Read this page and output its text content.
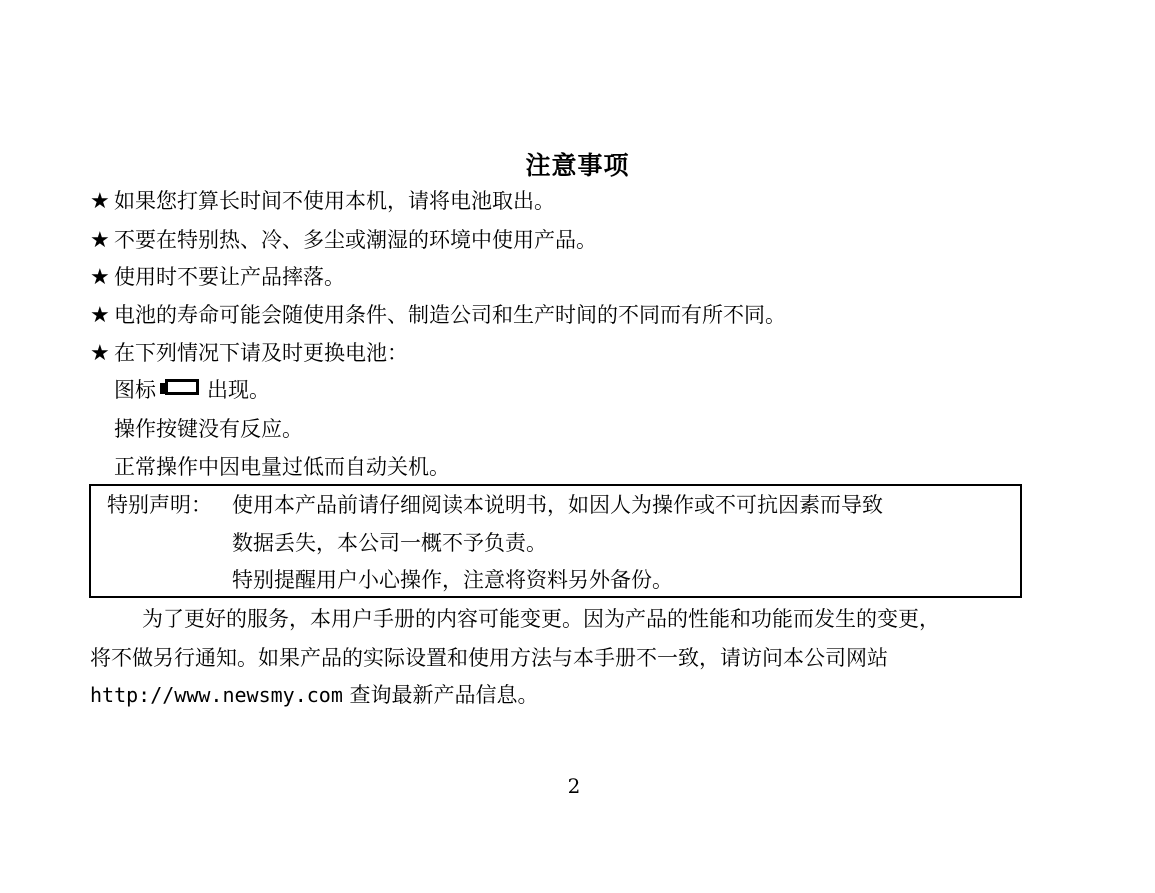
注意事项
★ 如果您打算长时间不使用本机，请将电池取出。
★ 不要在特别热、冷、多尘或潮湿的环境中使用产品。
★ 使用时不要让产品摔落。
★ 电池的寿命可能会随使用条件、制造公司和生产时间的不同而有所不同。
★ 在下列情况下请及时更换电池：
图标 出现。
操作按键没有反应。
正常操作中因电量过低而自动关机。
特别声明： 使用本产品前请仔细阅读本说明书，如因人为操作或不可抗因素而导致
数据丢失，本公司一概不予负责。
特别提醒用户小心操作，注意将资料另外备份。
为了更好的服务，本用户手册的内容可能变更。因为产品的性能和功能而发生的变更，
将不做另行通知。如果产品的实际设置和使用方法与本手册不一致，请访问本公司网站
http://www.newsmy.com 查询最新产品信息。
2
